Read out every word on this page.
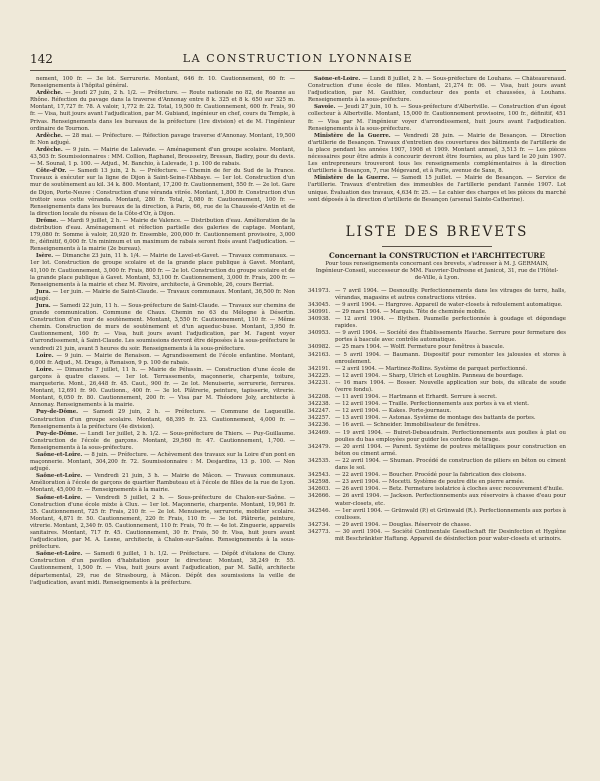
142	LA CONSTRUCTION LYONNAISE

nement, 100 fr. — 3e lot. Serrurerie. Montant, 646 fr. 10. Cautionnement, 60 fr. — Renseignements à l'hôpital général.

Ardèche. — Jeudi 27 juin, 2 h. 1/2. — Préfecture. — Route nationale no 82, de Roanne au Rhône. Réfection du pavage dans la traverse d'Annonay entre 8 k. 325 et 8 k. 650 sur 325 m. Montant, 17,727 fr. 78. A valoir, 1,772 fr. 22. Total, 19,500 fr. Cautionnement, 600 fr. Frais, 90 fr. — Visa, huit jours avant l'adjudication, par M. Gubiand, ingénieur en chef, cours du Temple, à Privas. Renseignements dans les bureaux de la préfecture (1re division) et de M. l'ingénieur ordinaire de Tournon.

Ardèche. — 28 mai. — Préfecture. — Réfection pavage traverse d'Annonay. Montant, 19,500 fr. Non adjugé.

Ardèche. — 9 juin. — Mairie de Lalevade. — Aménagement d'un groupe scolaire. Montant, 43,503 fr. Soumissionnaires : MM. Collion, Raphanel, Brousseiry, Bressan, Badiry, pour du devis. — M. Sounal, 1 p. 100. — Adjud., M. Banchio, à Lalevade, 1 p. 100 de rabais.

Côte-d'Or. — Samedi 13 juin, 2 h. — Préfecture. — Chemin de fer du Sud de la France. Travaux à exécuter sur la ligne de Dijon à Saint-Seine-l'Abbaye. — 1er lot. Construction d'un mur de soutènement au kil. 34 k. 800. Montant, 17,200 fr. Cautionnement, 550 fr. — 2e lot. Gare de Dijon, Porte-Neuve : Construction d'une véranda vitrée. Montant, 1,800 fr. Construction d'un trottoir sous cette véranda. Montant, 280 fr. Total, 2,080 fr. Cautionnement, 100 fr. — Renseignements dans les bureaux de la direction, à Paris, 66, rue de la Chaussée-d'Antin et de la direction locale du réseau de la Côte-d'Or, à Dijon.

Drôme. — Mardi 9 juillet, 2 h. — Mairie de Valence. — Distribution d'eau. Amélioration de la distribution d'eau. Aménagement et réfection partielle des galeries de captage. Montant, 179,080 fr. Somme à valoir, 20,920 fr. Ensemble, 200,000 fr. Cautionnement provisoire, 3,000 fr., définitif, 6,000 fr. Un minimum et un maximum de rabais seront fixés avant l'adjudication. — Renseignements à la mairie (2e bureau).

Isère. — Dimanche 23 juin, 11 h. 1/4. — Mairie de Lavel-et-Gavet. — Travaux communaux. — 1er lot. Construction de groupe scolaire et de la grande place publique à Gavet. Montant, 41,100 fr. Cautionnement, 3,000 fr. Frais, 800 fr. — 2e lot. Construction du groupe scolaire et de la grande place publique à Gavet. Montant, 53,100 fr. Cautionnement, 3,000 fr. Frais, 200 fr. — Renseignements à la mairie et chez M. Rivoire, architecte, à Grenoble, 26, cours Berriat.

Jura. — 1er juin. — Mairie de Saint-Claude. — Travaux communaux. Montant, 36,500 fr. Non adjugé.

Jura. — Samedi 22 juin, 11 h. — Sous-préfecture de Saint-Claude. — Travaux sur chemins de grande communication. Commune de Chaux. Chemin no 63 du Mélogne à Désertin. Construction d'un mur de soutènement. Montant, 3,550 fr. Cautionnement, 110 fr. — Même chemin. Construction de murs de soutènement et d'un aqueduc-buse. Montant, 3,950 fr. Cautionnement, 160 fr. — Visa, huit jours avant l'adjudication, par M. l'agent voyer d'arrondissement, à Saint-Claude. Les soumissions devront être déposées à la sous-préfecture le vendredi 21 juin, avant 5 heures du soir. Renseignements à la sous-préfecture.

Loire. — 9 juin. — Mairie de Renaison. — Agrandissement de l'école enfantine. Montant, 6,000 fr. Adjud., M. Drago, à Renaison, 9 p. 100 de rabais.

Loire. — Dimanche 7 juillet, 11 h. — Mairie de Pélussin. — Construction d'une école de garçons à quatre classes. — 1er lot. Terrassements, maçonnerie, charpente, toiture, marqueterie. Mont., 26,448 fr. 45. Caut., 900 fr. — 2e lot. Menuiserie, serrurerie, ferrures. Montant, 12,691 fr. 90. Cautionn., 400 fr. — 3e lot. Plâtrerie, peinture, tapisserie, vitrerie. Montant, 6,050 fr. 80. Cautionnement, 200 fr. — Visa par M. Théodore Joly, architecte à Annonay. Renseignements à la mairie.

Puy-de-Dôme. — Samedi 29 juin, 2 h. — Préfecture. — Commune de Laqueuille. Construction d'un groupe scolaire. Montant, 68,395 fr. 23. Cautionnement, 4,000 fr. — Renseignements à la préfecture (4e division).

Puy-de-Dôme. — Lundi 1er juillet, 2 h. 1/2. — Sous-préfecture de Thiers. — Puy-Guillaume. Construction de l'école de garçons. Montant, 29,560 fr. 47. Cautionnement, 1,700. — Renseignements à la sous-préfecture.

Saône-et-Loire. — 8 juin. — Préfecture. — Achèvement des travaux sur la Loire d'un pont en maçonnerie. Montant, 304,200 fr. 72. Soumissionnaire : M. Desjardins, 13 p. 100. — Non adjugé.

Saône-et-Loire. — Vendredi 21 juin, 3 h. — Mairie de Mâcon. — Travaux communaux. Amélioration à l'école de garçons de quartier Rambuteau et à l'école de filles de la rue de Lyon. Montant, 45,000 fr. — Renseignements à la mairie.

Saône-et-Loire. — Vendredi 5 juillet, 2 h. — Sous-préfecture de Chalon-sur-Saône. — Construction d'une école mixte à Clux. — 1er lot. Maçonnerie, charpente. Montant, 19,961 fr. 35. Cautionnement, 725 fr. Frais, 210 fr. — 2e lot. Menuiserie, serrurerie, mobilier scolaire. Montant, 4,871 fr. 50. Cautionnement, 220 fr. Frais, 110 fr. — 3e lot. Plâtrerie, peinture, vitrerie. Montant, 2,340 fr. 05. Cautionnement, 110 fr. Frais, 70 fr. — 4e lot. Zinguerie, appareils sanitaires. Montant, 717 fr. 45. Cautionnement, 30 fr. Frais, 50 fr. Visa, huit jours avant l'adjudication, par M. A. Lesne, architecte, à Chalon-sur-Saône. Renseignements à la sous-préfecture.

Saône-et-Loire. — Samedi 6 juillet, 1 h. 1/2. — Préfecture. — Dépôt d'étalons de Cluny. Construction d'un pavillon d'habitation pour le directeur. Montant, 38,249 fr. 55. Cautionnement, 1,500 fr. — Visa, huit jours avant l'adjudication, par M. Sallé, architecte départemental, 29, rue de Strasbourg, à Mâcon. Dépôt des soumissions la veille de l'adjudication, avant midi. Renseignements à la préfecture.

Saône-et-Loire. — Lundi 8 juillet, 2 h. — Sous-préfecture de Louhans. — Châteaurenaud. Construction d'une école de filles. Montant, 21,274 fr. 06. — Visa, huit jours avant l'adjudication, par M. Gauthier, conducteur des ponts et chaussées, à Louhans. Renseignements à la sous-préfecture.

Savoie. — Jeudi 27 juin, 10 h. — Sous-préfecture d'Albertville. — Construction d'un égout collecteur à Albertville. Montant, 15,000 fr. Cautionnement provisoire, 100 fr., définitif, 451 fr. — Visa par M. l'ingénieur voyer d'arrondissement, huit jours avant l'adjudication. Renseignements à la sous-préfecture.

Ministère de la Guerre. — Vendredi 28 juin. — Mairie de Besançon. — Direction d'artillerie de Besançon. Travaux d'entretien des couvertures des bâtiments de l'artillerie de la place pendant les années 1907, 1908 et 1909. Montant annuel, 3,513 fr. — Les pièces nécessaires pour être admis à concourir devront être fournies, au plus tard le 20 juin 1907. Les entrepreneurs trouveront tous les renseignements complémentaires à la direction d'artillerie à Besançon, 7, rue Mégevand, et à Paris, avenue de Saxe, 8.

Ministère de la Guerre. — Samedi 15 juillet. — Mairie de Besançon. — Service de l'artillerie. Travaux d'entretien des immeubles de l'artillerie pendant l'année 1907. Lot unique. Évaluation des travaux, 4,634 fr. 25. — Le cahier des charges et les pièces du marché sont déposés à la direction d'artillerie de Besançon (arsenal Sainte-Catherine).

LISTE DES BREVETS
Concernant la CONSTRUCTION et l'ARCHITECTURE
Pour tous renseignements concernant ces brevets, s'adresser à M. J. GERMAIN, Ingénieur-Conseil, successeur de MM. Fauvrier-Dufresne et Janicot, 31, rue de l'Hôtel-de-Ville, à Lyon.
341973. — 7 avril 1904. — Desnouilly. Perfectionnements dans les vitrages de terre, halls, vérandas, magasins et autres constructions vitrées.
343045. — 9 avril 1904. — Hargrove. Appareil de water-closets à refoulement automatique.
340991. — 29 mars 1904. — Marquis. Tête de cheminée mobile.
340938. — 12 avril 1904. — Blythen. Paumelle perfectionnée à goudage et dégondage rapides.
340953. — 9 avril 1904. — Société des Établissements Hauche. Serrure pour fermeture des portes à bascule avec contrôle automatique.
340982. — 25 mars 1904. — Wolff. Fermeture pour fenêtres à bascule.
342163. — 5 avril 1904. — Baumann. Dispositif pour remonter les jalousies et stores à enroulement.
342191. — 2 avril 1904. — Martinez-Rollins. Système de parquet perfectionné.
342225. — 12 avril 1904. — Sharp, Ulrich et Loughlin. Panneau de bourdage.
342231. — 16 mars 1904. — Bosser. Nouvelle application sur bois, du silicate de soude (verre fondu).
342208. — 11 avril 1904. — Hartmann et Erhardt. Serrure à secret.
342238. — 12 avril 1904. — Traille. Perfectionnements aux portes à va et vient.
342247. — 12 avril 1904. — Kakes. Porte-journaux.
342257. — 13 avril 1904. — Astonas. Système de montage des battants de portes.
342236. — 16 avril. — Schneider. Immobilisateur de fenêtres.
342469. — 19 avril 1904. — Buiret-Debeaudrain. Perfectionnements aux poulies à plat ou poulies du bas employées pour guider les cordons de tirage.
342479. — 20 avril 1904. — Parent. Système de poutres métalliques pour construction en béton ou ciment armé.
342535. — 22 avril 1904. — Shuman. Procédé de construction de piliers en béton ou ciment dans le sol.
342543. — 22 avril 1904. — Boucher. Procédé pour la fabrication des cloisons.
342598. — 23 avril 1904. — Mocetti. Système de poutre dite en pierre armée.
342603. — 26 avril 1904. — Betz. Fermeture isolatrice à cloches avec recouvrement d'huile.
342666. — 26 avril 1904. — Jackson. Perfectionnements aux réservoirs à chasse d'eau pour water-closets, etc.
342546. — 1er avril 1904. — Grünwald (P.) et Grünwald (R.). Perfectionnements aux portes à coulisses.
342734. — 29 avril 1904. — Douglas. Réservoir de chasse.
342773. — 30 avril 1904. — Société Continentale Gesellschaft für Desinfection et Hygiène mit Beschränkter Haftung. Appareil de désinfection pour water-closets et urinoirs.
